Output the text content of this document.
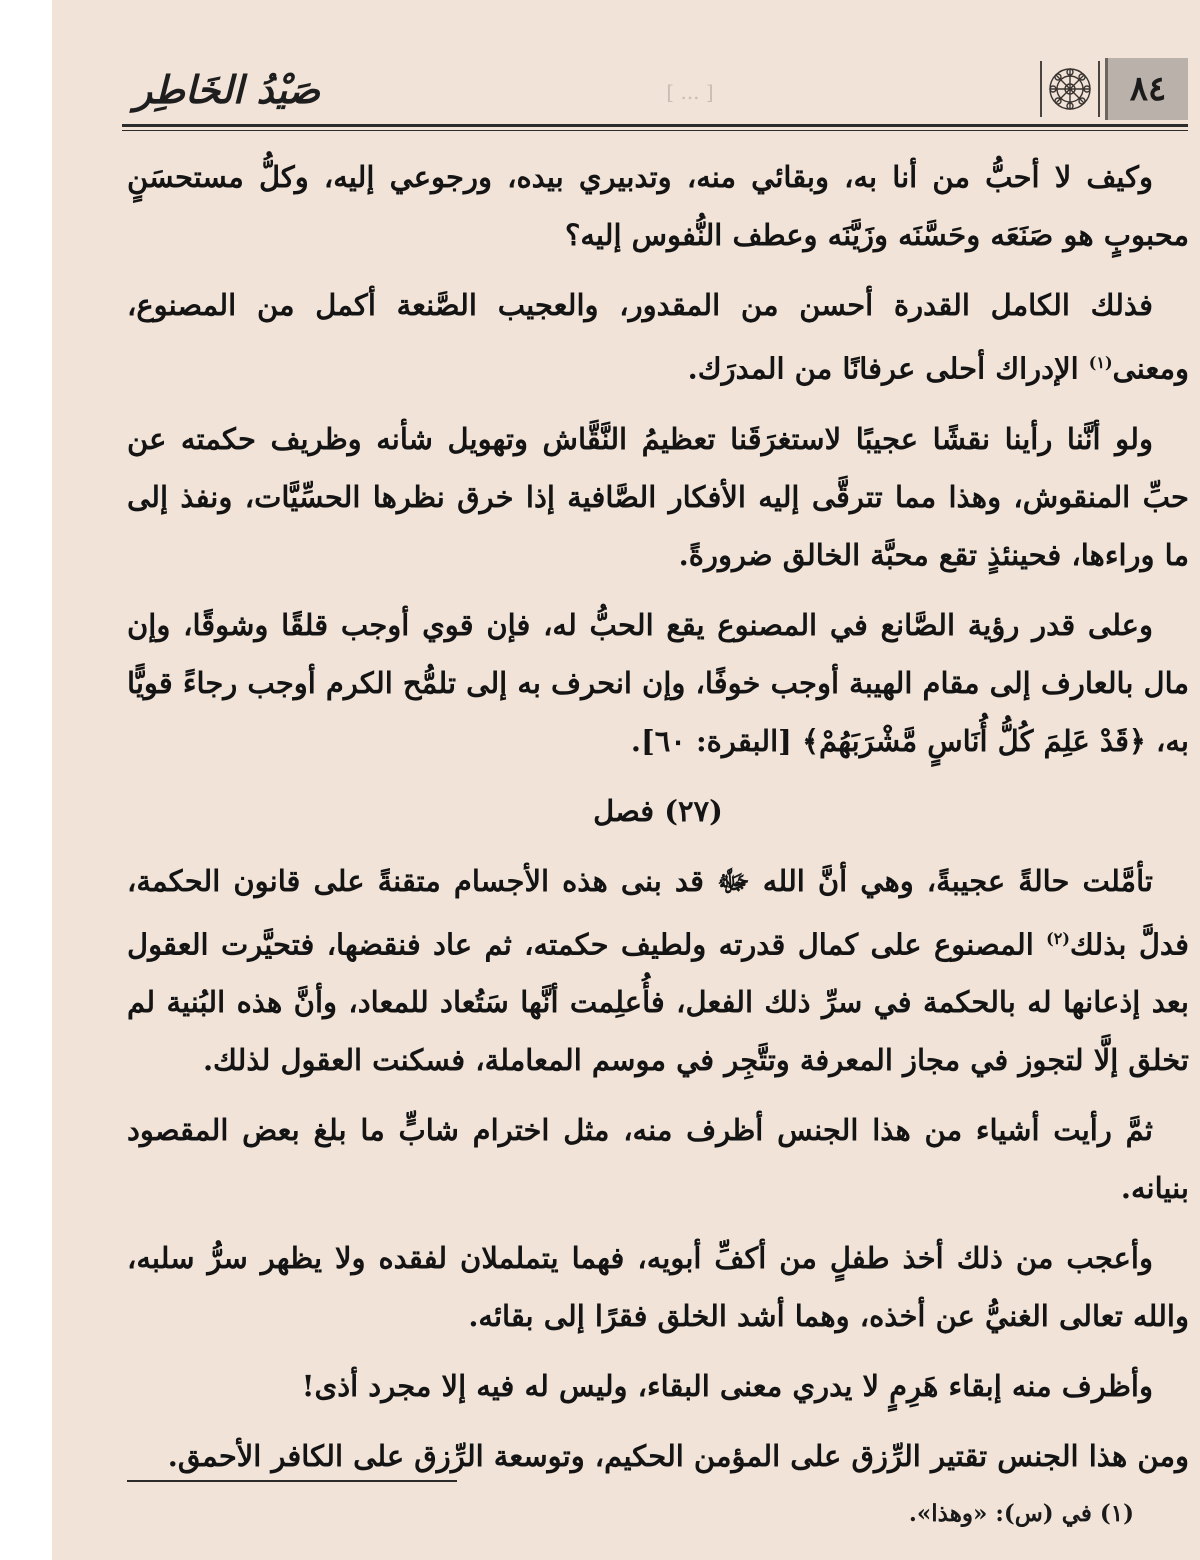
صَيْدُ الخَاطِر	[ ... ]	٨٤

وكيف لا أحبُّ من أنا به، وبقائي منه، وتدبيري بيده، ورجوعي إليه، وكلُّ مستحسَنٍ محبوبٍ هو صَنَعَه وحَسَّنَه وزَيَّنَه وعطف النُّفوس إليه؟

فذلك الكامل القدرة أحسن من المقدور، والعجيب الصَّنعة أكمل من المصنوع، ومعنى$^{(١)}$ الإدراك أحلى عرفانًا من المدرَك.

ولو أنَّنا رأينا نقشًا عجيبًا لاستغرَقَنا تعظيمُ النَّقَّاش وتهويل شأنه وظريف حكمته عن حبِّ المنقوش، وهذا مما تترقَّى إليه الأفكار الصَّافية إذا خرق نظرها الحسِّيَّات، ونفذ إلى ما وراءها، فحينئذٍ تقع محبَّة الخالق ضرورةً.

وعلى قدر رؤية الصَّانع في المصنوع يقع الحبُّ له، فإن قوي أوجب قلقًا وشوقًا، وإن مال بالعارف إلى مقام الهيبة أوجب خوفًا، وإن انحرف به إلى تلمُّح الكرم أوجب رجاءً قويًّا به، ﴿قَدْ عَلِمَ كُلُّ أُنَاسٍ مَّشْرَبَهُمْ﴾ [البقرة: ٦٠].

(٢٧) فصل

تأمَّلت حالةً عجيبةً، وهي أنَّ الله ﷻ قد بنى هذه الأجسام متقنةً على قانون الحكمة، فدلَّ بذلك$^{(٢)}$ المصنوع على كمال قدرته ولطيف حكمته، ثم عاد فنقضها، فتحيَّرت العقول بعد إذعانها له بالحكمة في سرِّ ذلك الفعل، فأُعلِمت أنَّها سَتُعاد للمعاد، وأنَّ هذه البُنية لم تخلق إلَّا لتجوز في مجاز المعرفة وتتَّجِر في موسم المعاملة، فسكنت العقول لذلك.

ثمَّ رأيت أشياء من هذا الجنس أظرف منه، مثل اخترام شابٍّ ما بلغ بعض المقصود بنيانه.

وأعجب من ذلك أخذ طفلٍ من أكفِّ أبويه، فهما يتململان لفقده ولا يظهر سرُّ سلبه، والله تعالى الغنيُّ عن أخذه، وهما أشد الخلق فقرًا إلى بقائه.

وأظرف منه إبقاء هَرِمٍ لا يدري معنى البقاء، وليس له فيه إلا مجرد أذى!

ومن هذا الجنس تقتير الرِّزق على المؤمن الحكيم، وتوسعة الرِّزق على الكافر الأحمق.

(١) في (س): «وهذا».
